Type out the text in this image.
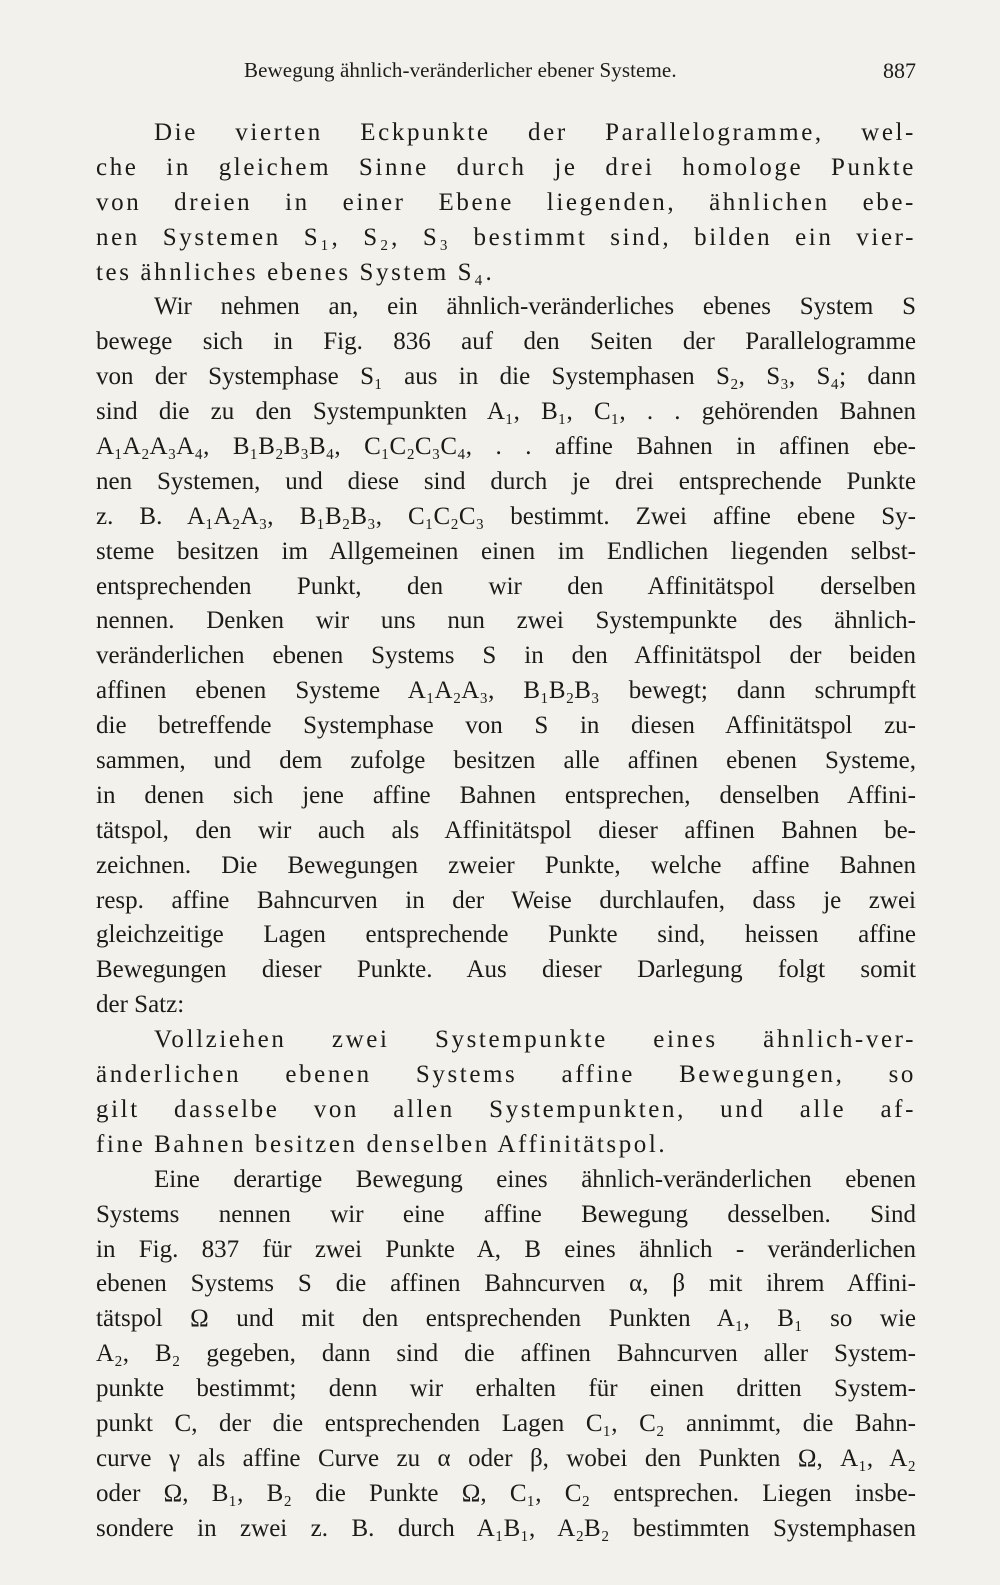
Bewegung ähnlich-veränderlicher ebener Systeme.	887
Die vierten Eckpunkte der Parallelogramme, wel-
che in gleichem Sinne durch je drei homologe Punkte
von dreien in einer Ebene liegenden, ähnlichen ebe-
nen Systemen S₁, S₂, S₃ bestimmt sind, bilden ein vier-
tes ähnliches ebenes System S₄.
Wir nehmen an, ein ähnlich-veränderliches ebenes System S
bewege sich in Fig. 836 auf den Seiten der Parallelogramme
von der Systemphase S₁ aus in die Systemphasen S₂, S₃, S₄; dann
sind die zu den Systempunkten A₁, B₁, C₁, . . gehörenden Bahnen
A₁A₂A₃A₄, B₁B₂B₃B₄, C₁C₂C₃C₄, . . affine Bahnen in affinen ebe-
nen Systemen, und diese sind durch je drei entsprechende Punkte
z. B. A₁A₂A₃, B₁B₂B₃, C₁C₂C₃ bestimmt. Zwei affine ebene Sy-
steme besitzen im Allgemeinen einen im Endlichen liegenden selbst-
entsprechenden Punkt, den wir den Affinitätspol derselben
nennen. Denken wir uns nun zwei Systempunkte des ähnlich-
veränderlichen ebenen Systems S in den Affinitätspol der beiden
affinen ebenen Systeme A₁A₂A₃, B₁B₂B₃ bewegt; dann schrumpft
die betreffende Systemphase von S in diesen Affinitätspol zu-
sammen, und dem zufolge besitzen alle affinen ebenen Systeme,
in denen sich jene affine Bahnen entsprechen, denselben Affini-
tätspol, den wir auch als Affinitätspol dieser affinen Bahnen be-
zeichnen. Die Bewegungen zweier Punkte, welche affine Bahnen
resp. affine Bahncurven in der Weise durchlaufen, dass je zwei
gleichzeitige Lagen entsprechende Punkte sind, heissen affine
Bewegungen dieser Punkte. Aus dieser Darlegung folgt somit
der Satz:
Vollziehen zwei Systempunkte eines ähnlich-ver-
änderlichen ebenen Systems affine Bewegungen, so
gilt dasselbe von allen Systempunkten, und alle af-
fine Bahnen besitzen denselben Affinitätspol.
Eine derartige Bewegung eines ähnlich-veränderlichen ebenen
Systems nennen wir eine affine Bewegung desselben. Sind
in Fig. 837 für zwei Punkte A, B eines ähnlich - veränderlichen
ebenen Systems S die affinen Bahncurven α, β mit ihrem Affini-
tätspol Ω und mit den entsprechenden Punkten A₁, B₁ so wie
A₂, B₂ gegeben, dann sind die affinen Bahncurven aller System-
punkte bestimmt; denn wir erhalten für einen dritten System-
punkt C, der die entsprechenden Lagen C₁, C₂ annimmt, die Bahn-
curve γ als affine Curve zu α oder β, wobei den Punkten Ω, A₁, A₂
oder Ω, B₁, B₂ die Punkte Ω, C₁, C₂ entsprechen. Liegen insbe-
sondere in zwei z. B. durch A₁B₁, A₂B₂ bestimmten Systemphasen
